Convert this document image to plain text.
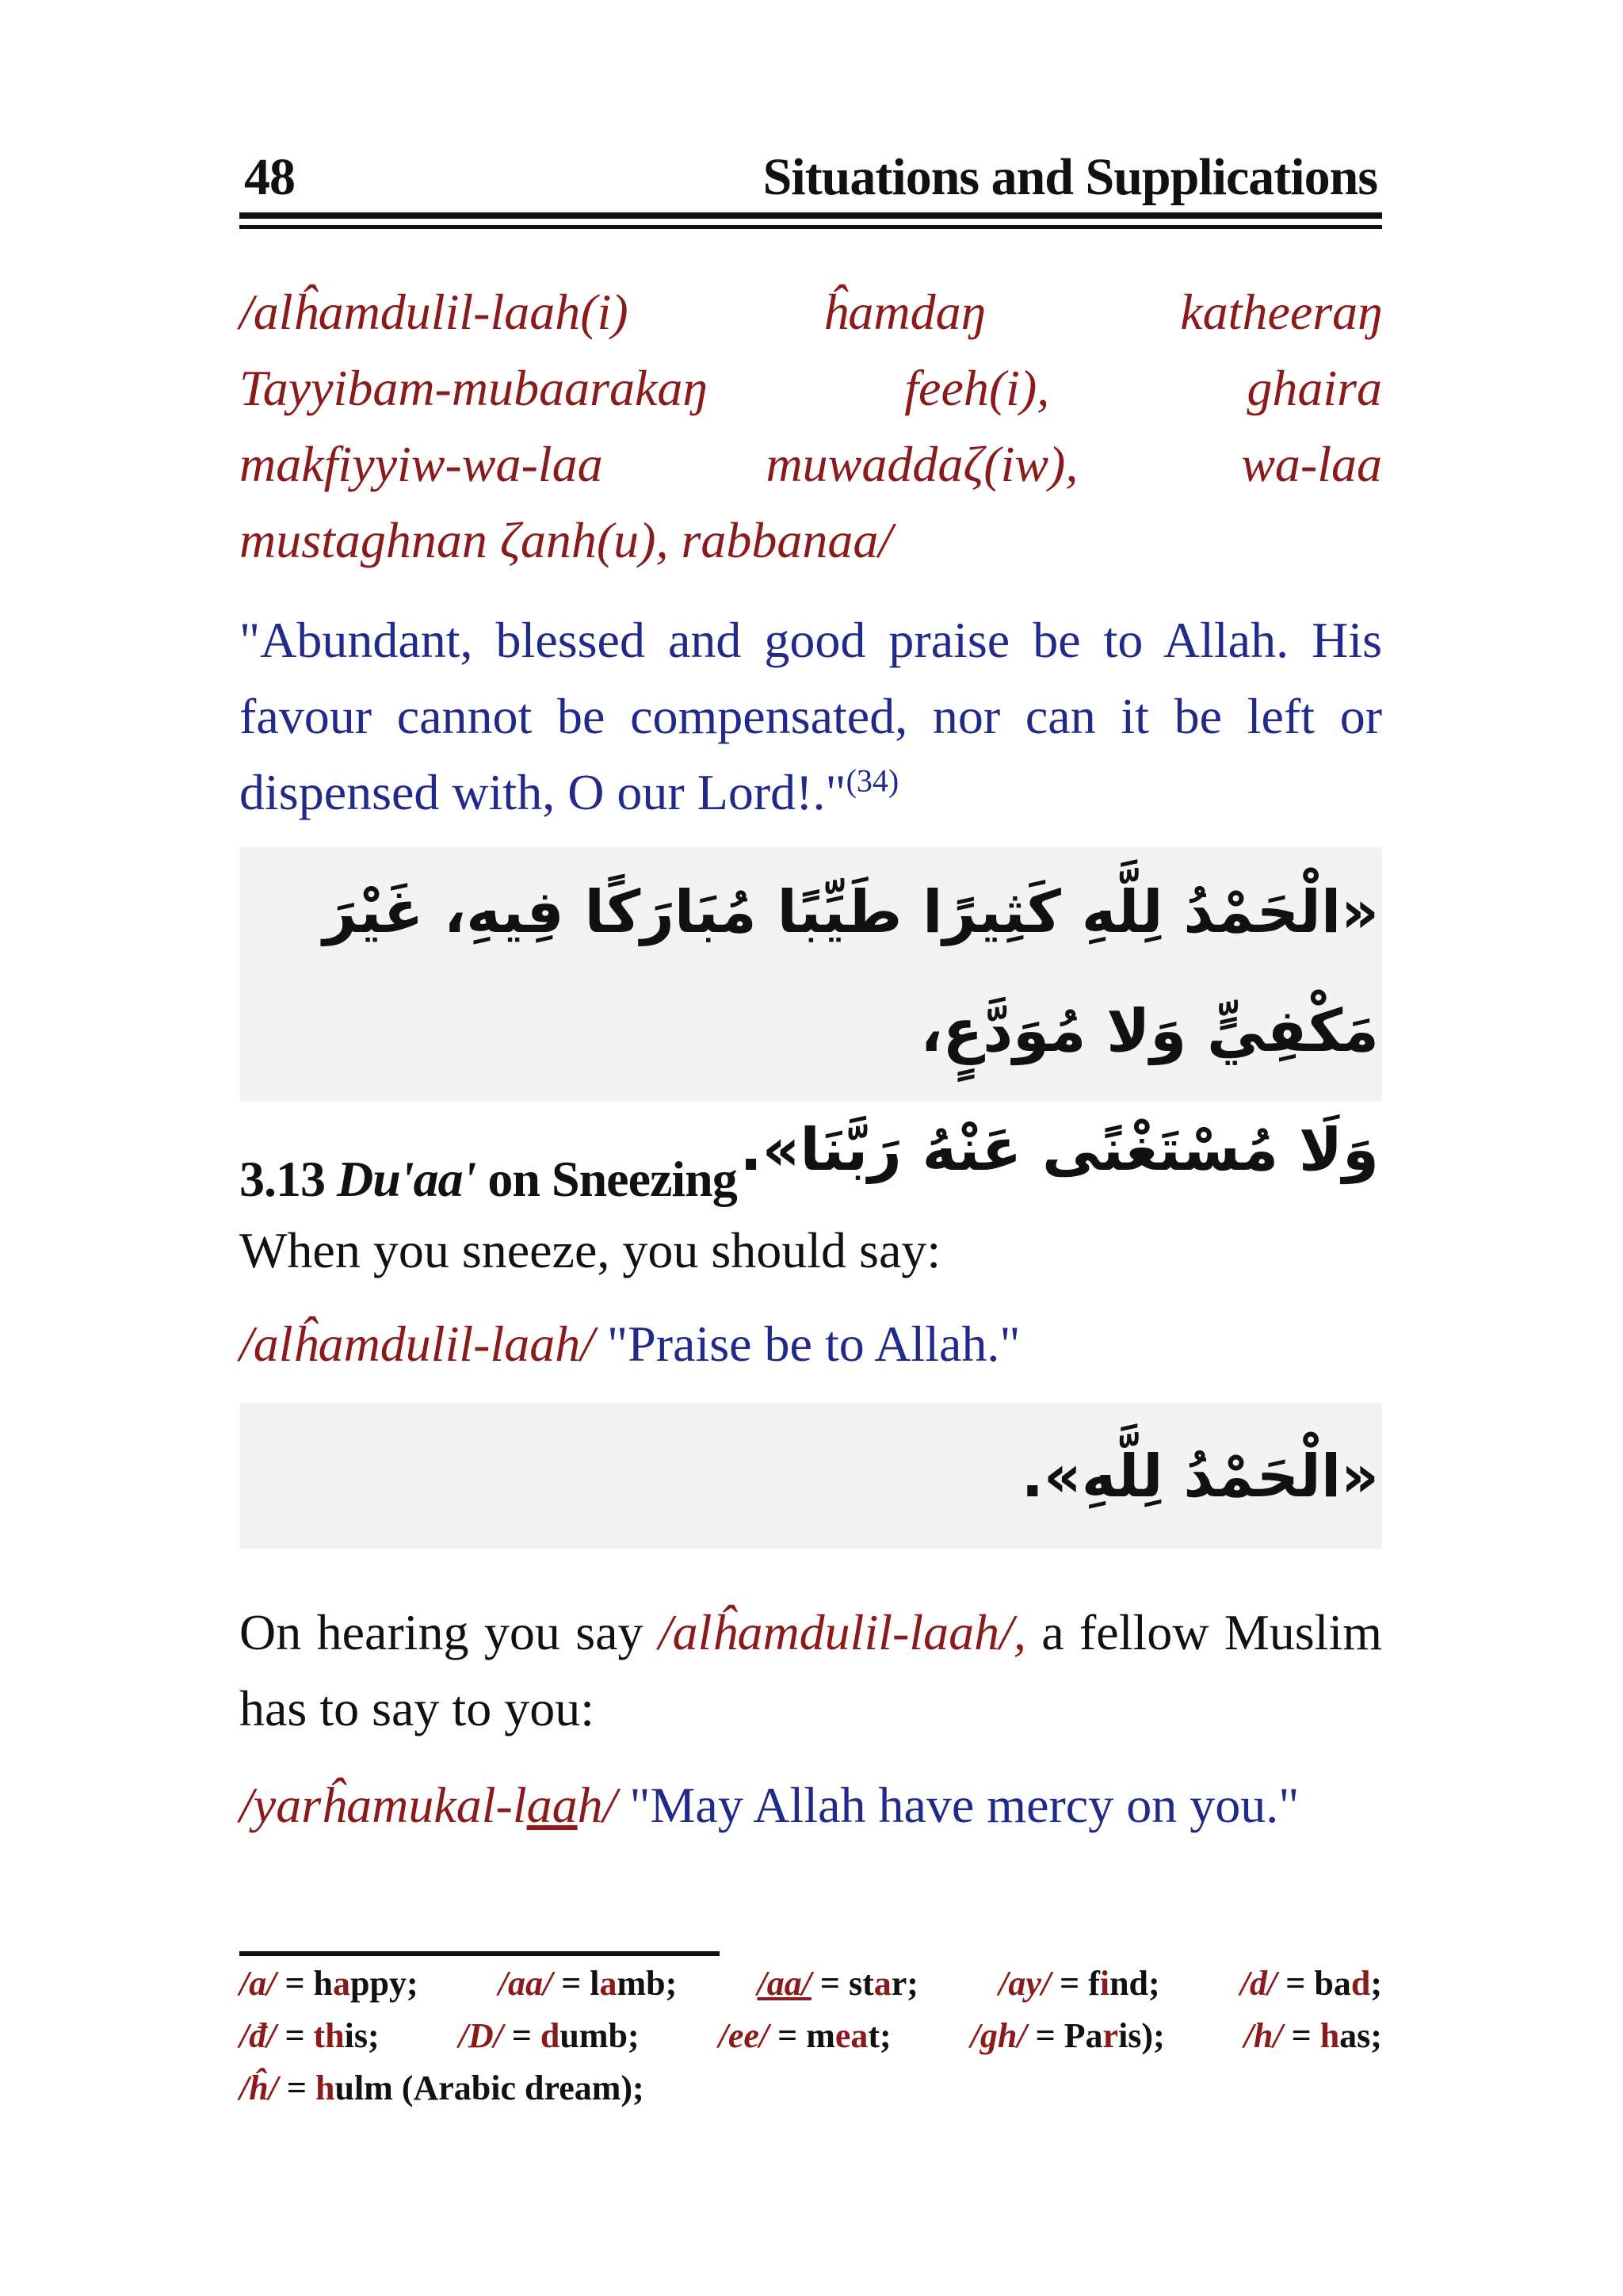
48	Situations and Supplications
/alĥamdulil-laah(i)	ĥamdaŋ	katheeraŋ
Tayyibam-mubaarakaŋ	feeh(i),	ghaira
makfiyyiw-wa-laa	muwaddaζ(iw),	wa-laa
mustaghnan ζanh(u), rabbanaa/
"Abundant, blessed and good praise be to Allah. His favour cannot be compensated, nor can it be left or dispensed with, O our Lord!."$^{(34)}$
«الْحَمْدُ لِلَّهِ كَثِيرًا طَيِّبًا مُبَارَكًا فِيهِ، غَيْرَ مَكْفِيٍّ وَلا مُوَدَّعٍ،
وَلَا مُسْتَغْنًى عَنْهُ رَبَّنَا».
3.13 Du'aa' on Sneezing
When you sneeze, you should say:
/alĥamdulil-laah/ "Praise be to Allah."
«الْحَمْدُ لِلَّهِ».
On hearing you say /alĥamdulil-laah/, a fellow Muslim has to say to you:
/yarĥamukal-laah/ "May Allah have mercy on you."
/a/ = happy; /aa/ = lamb; /aa/ = star; /ay/ = find; /d/ = bad;
/đ/ = this; /D/ = dumb; /ee/ = meat; /gh/ = Paris); /h/ = has;
/ĥ/ = hulm (Arabic dream);
